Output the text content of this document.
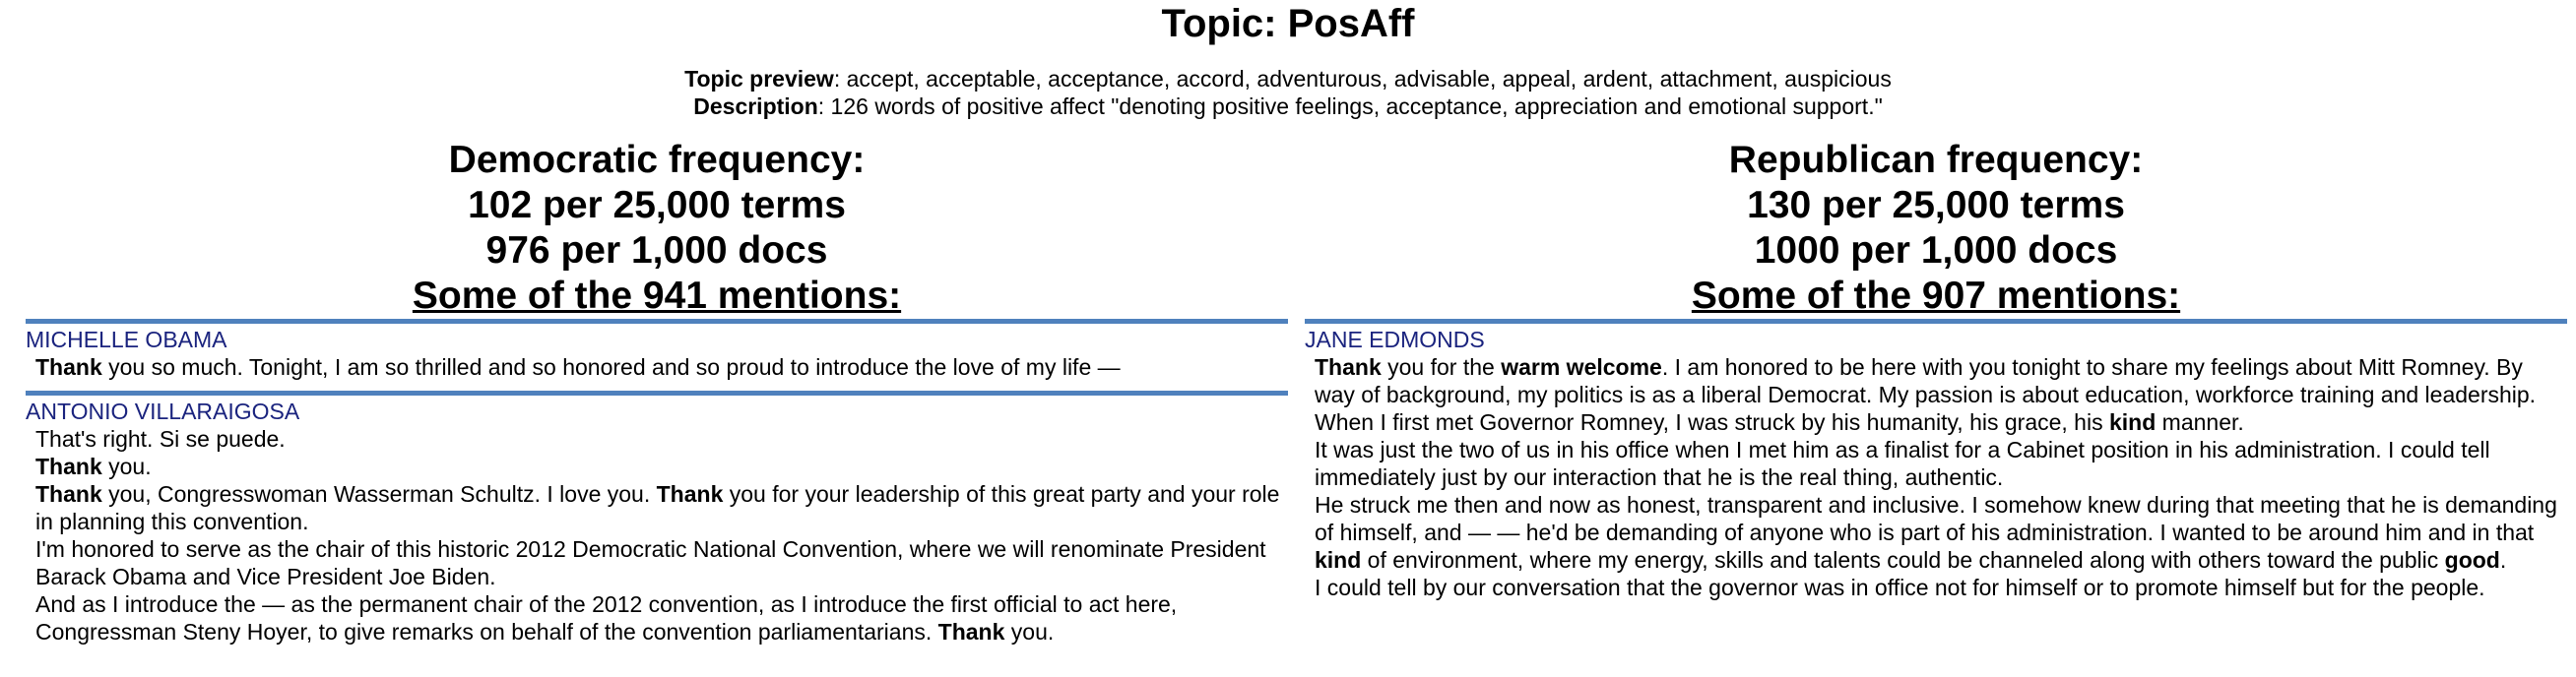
Topic: PosAff
Topic preview: accept, acceptable, acceptance, accord, adventurous, advisable, appeal, ardent, attachment, auspicious
Description: 126 words of positive affect "denoting positive feelings, acceptance, appreciation and emotional support."
Democratic frequency:
102 per 25,000 terms
976 per 1,000 docs
Some of the 941 mentions:
MICHELLE OBAMA
Thank you so much. Tonight, I am so thrilled and so honored and so proud to introduce the love of my life —
ANTONIO VILLARAIGOSA
That's right. Si se puede.
Thank you.
Thank you, Congresswoman Wasserman Schultz. I love you. Thank you for your leadership of this great party and your role in planning this convention.
I'm honored to serve as the chair of this historic 2012 Democratic National Convention, where we will renominate President Barack Obama and Vice President Joe Biden.
And as I introduce the — as the permanent chair of the 2012 convention, as I introduce the first official to act here, Congressman Steny Hoyer, to give remarks on behalf of the convention parliamentarians. Thank you.
Republican frequency:
130 per 25,000 terms
1000 per 1,000 docs
Some of the 907 mentions:
JANE EDMONDS
Thank you for the warm welcome. I am honored to be here with you tonight to share my feelings about Mitt Romney. By way of background, my politics is as a liberal Democrat. My passion is about education, workforce training and leadership.
When I first met Governor Romney, I was struck by his humanity, his grace, his kind manner.
It was just the two of us in his office when I met him as a finalist for a Cabinet position in his administration. I could tell immediately just by our interaction that he is the real thing, authentic.
He struck me then and now as honest, transparent and inclusive. I somehow knew during that meeting that he is demanding of himself, and — — he'd be demanding of anyone who is part of his administration. I wanted to be around him and in that kind of environment, where my energy, skills and talents could be channeled along with others toward the public good.
I could tell by our conversation that the governor was in office not for himself or to promote himself but for the people.
